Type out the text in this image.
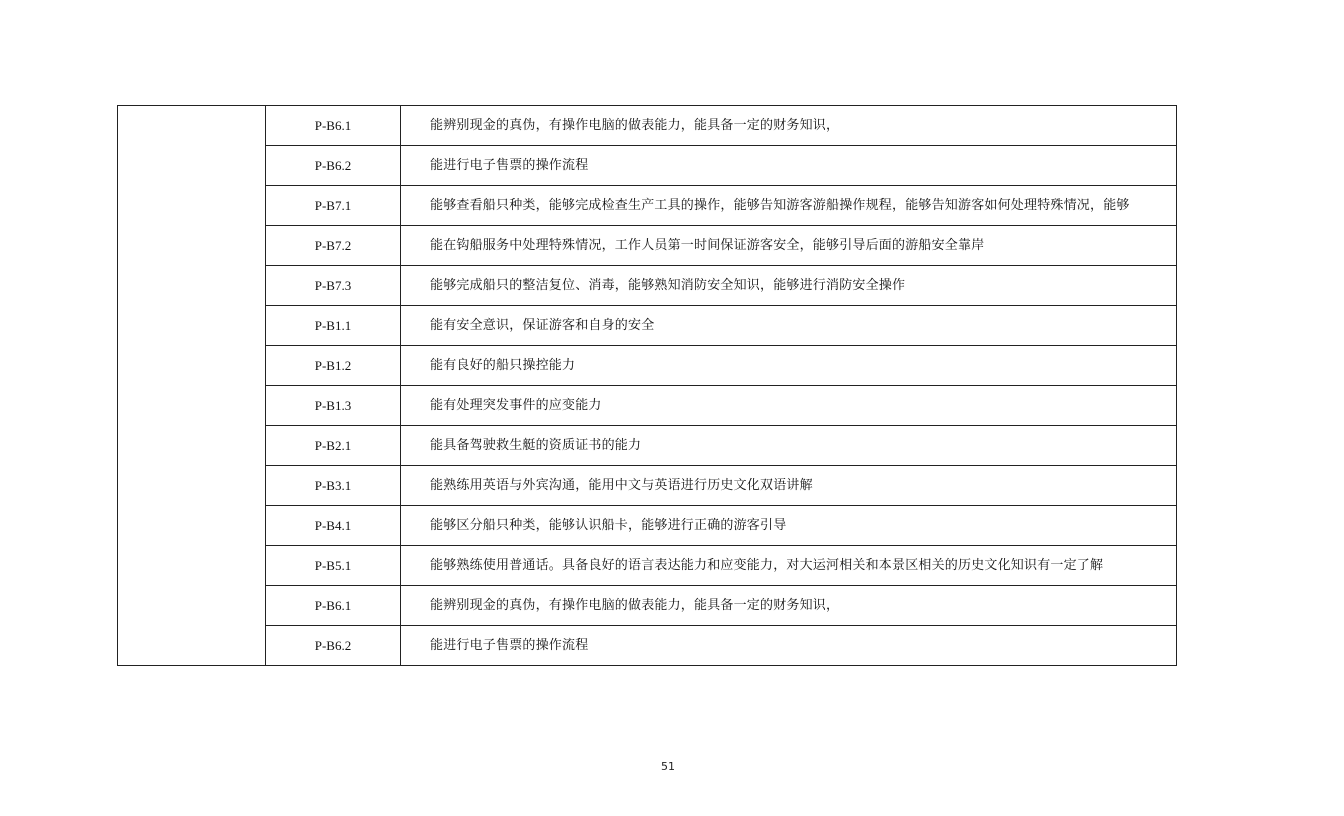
	P-B6.1	能辨别现金的真伪，有操作电脑的做表能力，能具备一定的财务知识，
	P-B6.2	能进行电子售票的操作流程
	P-B7.1	能够查看船只种类，能够完成检查生产工具的操作，能够告知游客游船操作规程，能够告知游客如何处理特殊情况，能够
	P-B7.2	能在钩船服务中处理特殊情况，工作人员第一时间保证游客安全，能够引导后面的游船安全靠岸
	P-B7.3	能够完成船只的整洁复位、消毒，能够熟知消防安全知识，能够进行消防安全操作
	P-B1.1	能有安全意识，保证游客和自身的安全
	P-B1.2	能有良好的船只操控能力
	P-B1.3	能有处理突发事件的应变能力
	P-B2.1	能具备驾驶救生艇的资质证书的能力
	P-B3.1	能熟练用英语与外宾沟通，能用中文与英语进行历史文化双语讲解
	P-B4.1	能够区分船只种类，能够认识船卡，能够进行正确的游客引导
	P-B5.1	能够熟练使用普通话。具备良好的语言表达能力和应变能力，对大运河相关和本景区相关的历史文化知识有一定了解
	P-B6.1	能辨别现金的真伪，有操作电脑的做表能力，能具备一定的财务知识，
	P-B6.2	能进行电子售票的操作流程
51
